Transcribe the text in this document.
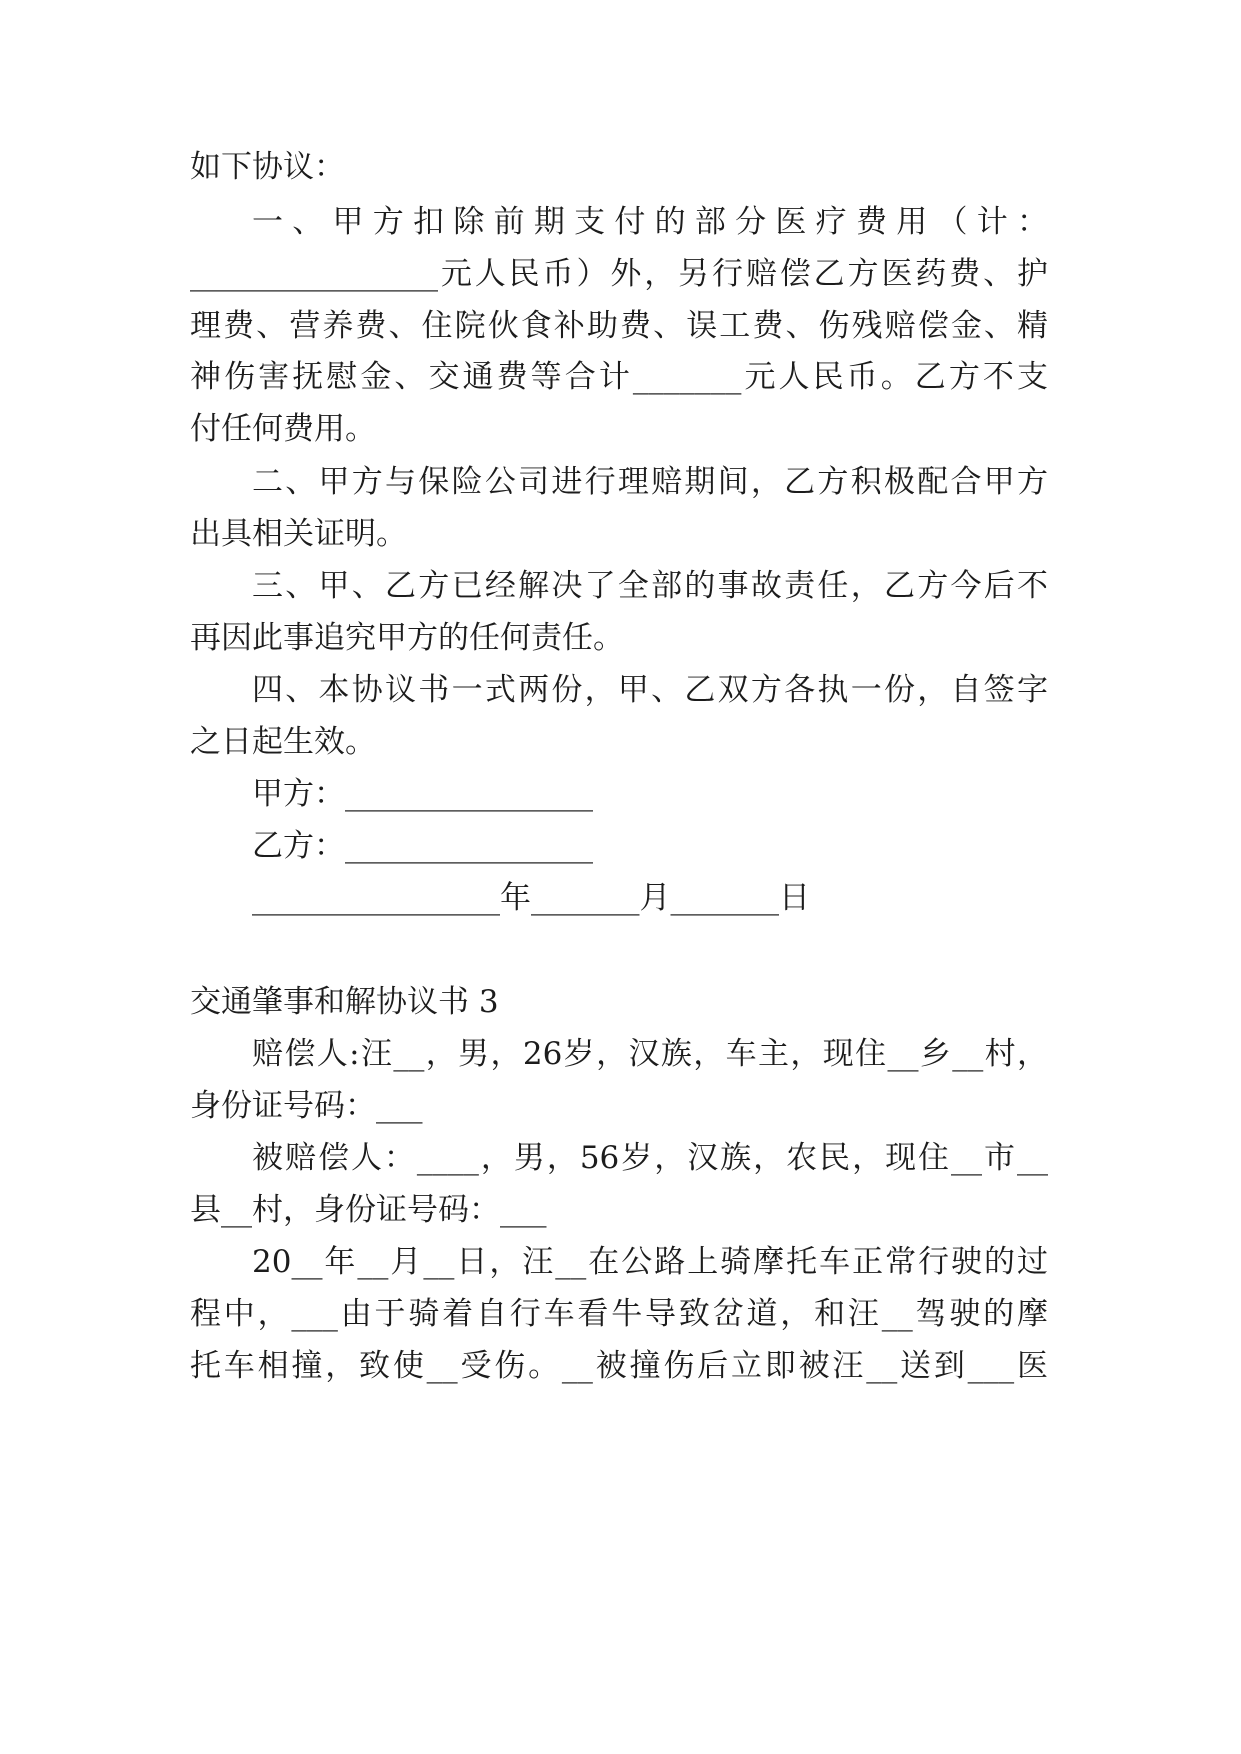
如下协议：

一、甲方扣除前期支付的部分医疗费用（计：

________________元人民币）外，另行赔偿乙方医药费、护

理费、营养费、住院伙食补助费、误工费、伤残赔偿金、精

神伤害抚慰金、交通费等合计_______元人民币。乙方不支

付任何费用。

二、甲方与保险公司进行理赔期间，乙方积极配合甲方

出具相关证明。

三、甲、乙方已经解决了全部的事故责任，乙方今后不

再因此事追究甲方的任何责任。

四、本协议书一式两份，甲、乙双方各执一份，自签字

之日起生效。

甲方：________________

乙方：________________

________________年_______月_______日

交通肇事和解协议书 3

赔偿人:汪__，男，26岁，汉族，车主，现住__乡__村，

身份证号码：___

被赔偿人：____，男，56岁，汉族，农民，现住__市__

县__村，身份证号码：___

20__年__月__日，汪__在公路上骑摩托车正常行驶的过

程中，___由于骑着自行车看牛导致岔道，和汪__驾驶的摩

托车相撞，致使__受伤。__被撞伤后立即被汪__送到___医
